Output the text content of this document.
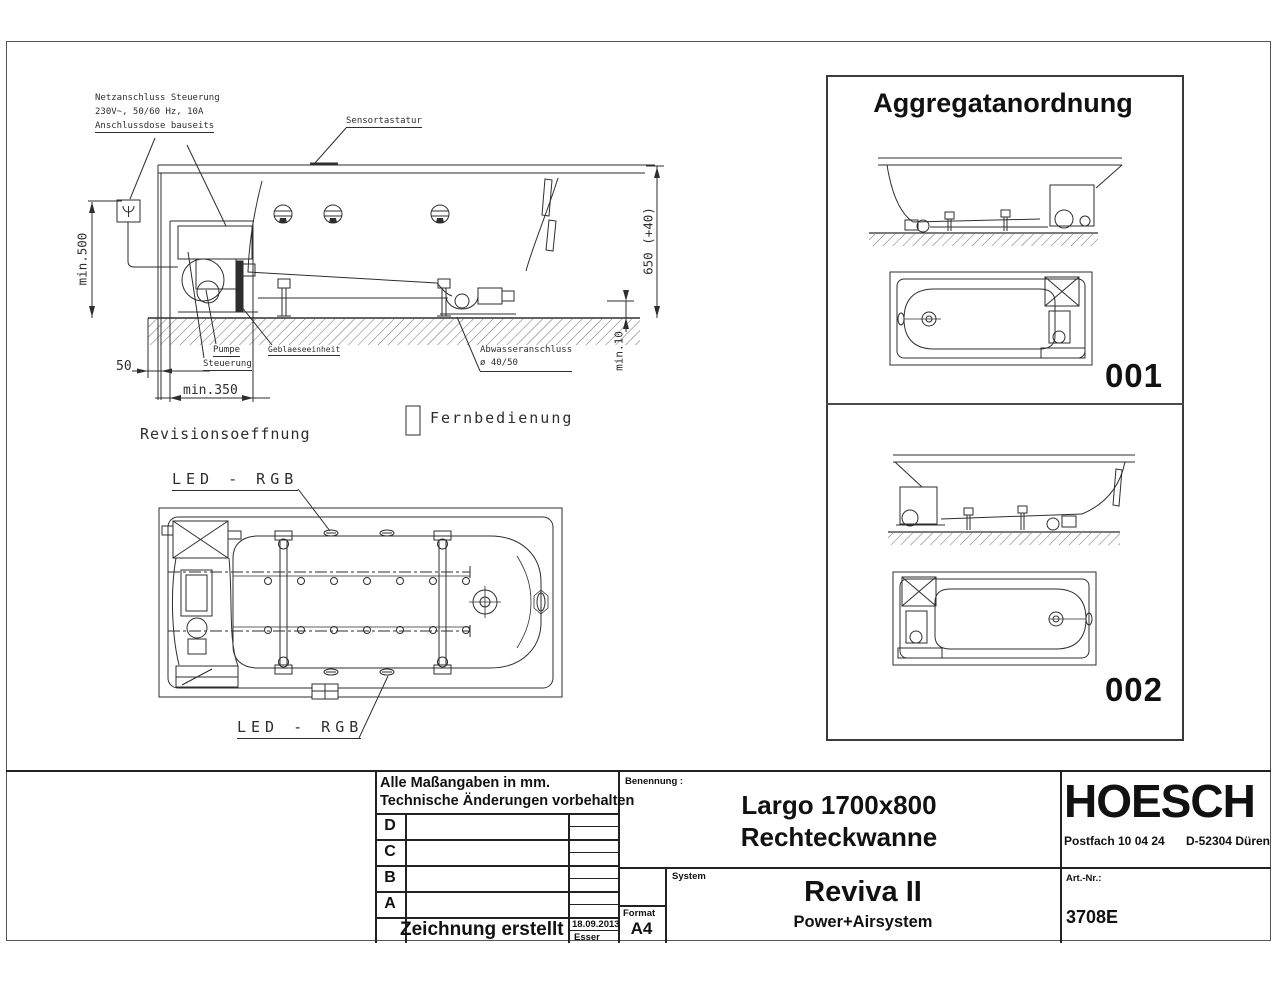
Netzanschluss Steuerung
230V~, 50/60 Hz, 10A
Anschlussdose bauseits	Sensortastatur
Pumpe
Steuerung
Geblaeseeinheit	Abwasseranschluss
ø 40/50
Revisionsoeffnung
Fernbedienung
LED - RGB
LED - RGB
min.500	650 (+40)
min.10
50
min.350
Aggregatanordnung
001
002
Alle Maßangaben in mm.
Technische Änderungen vorbehalten
D
C
B
A
Zeichnung erstellt 18.09.2013
Esser
Format
A4
Benennung :
Largo 1700x800
Rechteckwanne
System	Reviva II
Power+Airsystem
HOESCH
Postfach 10 04 24 D-52304 Düren
Art.-Nr.:
3708E
